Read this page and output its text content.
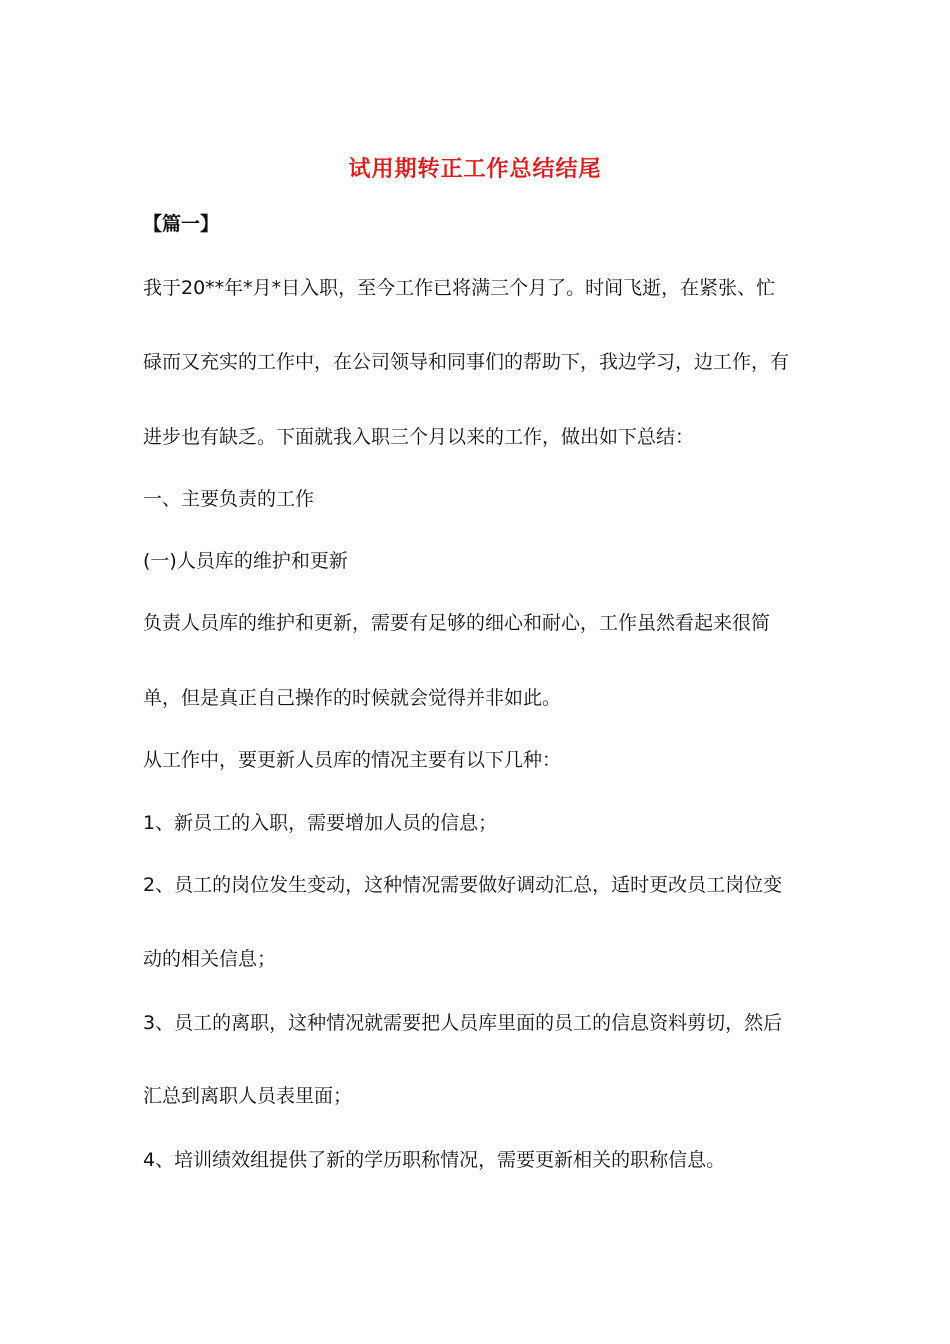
试用期转正工作总结结尾
【篇一】
我于20**年*月*日入职，至今工作已将满三个月了。时间飞逝，在紧张、忙
碌而又充实的工作中，在公司领导和同事们的帮助下，我边学习，边工作，有
进步也有缺乏。下面就我入职三个月以来的工作，做出如下总结：
一、主要负责的工作
(一)人员库的维护和更新
负责人员库的维护和更新，需要有足够的细心和耐心，工作虽然看起来很简
单，但是真正自己操作的时候就会觉得并非如此。
从工作中，要更新人员库的情况主要有以下几种：
1、新员工的入职，需要增加人员的信息；
2、员工的岗位发生变动，这种情况需要做好调动汇总，适时更改员工岗位变
动的相关信息；
3、员工的离职，这种情况就需要把人员库里面的员工的信息资料剪切，然后
汇总到离职人员表里面；
4、培训绩效组提供了新的学历职称情况，需要更新相关的职称信息。
